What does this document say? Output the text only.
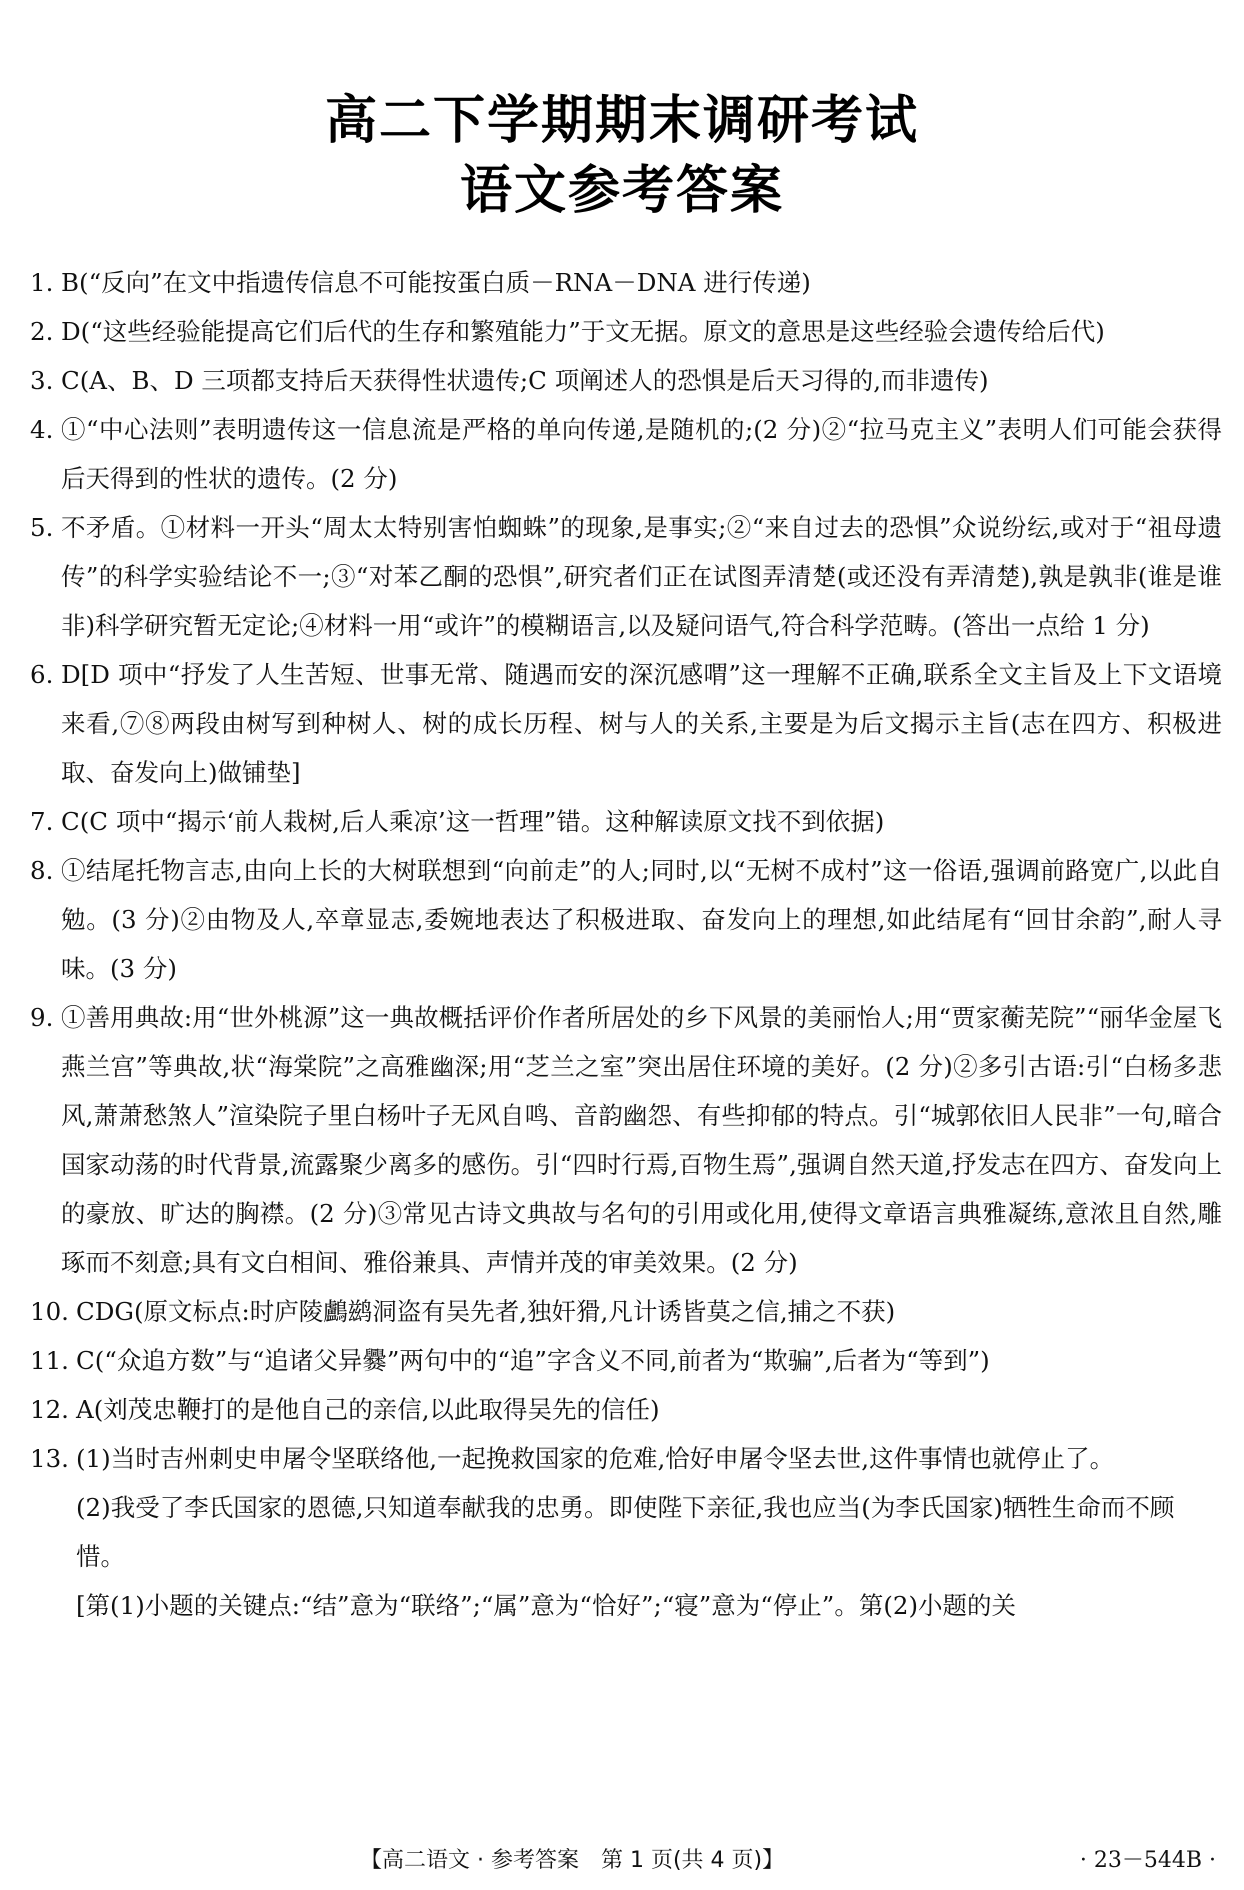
高二下学期期末调研考试
语文参考答案
1. B(“反向”在文中指遗传信息不可能按蛋白质－RNA－DNA 进行传递)
2. D(“这些经验能提高它们后代的生存和繁殖能力”于文无据。原文的意思是这些经验会遗传给后代)
3. C(A、B、D 三项都支持后天获得性状遗传;C 项阐述人的恐惧是后天习得的,而非遗传)
4. ①“中心法则”表明遗传这一信息流是严格的单向传递,是随机的;(2 分)②“拉马克主义”表明人们可能会获得后天得到的性状的遗传。(2 分)
5. 不矛盾。①材料一开头“周太太特别害怕蜘蛛”的现象,是事实;②“来自过去的恐惧”众说纷纭,或对于“祖母遗传”的科学实验结论不一;③“对苯乙酮的恐惧”,研究者们正在试图弄清楚(或还没有弄清楚),孰是孰非(谁是谁非)科学研究暂无定论;④材料一用“或许”的模糊语言,以及疑问语气,符合科学范畴。(答出一点给 1 分)
6. D[D 项中“抒发了人生苦短、世事无常、随遇而安的深沉感喟”这一理解不正确,联系全文主旨及上下文语境来看,⑦⑧两段由树写到种树人、树的成长历程、树与人的关系,主要是为后文揭示主旨(志在四方、积极进取、奋发向上)做铺垫]
7. C(C 项中“揭示‘前人栽树,后人乘凉’这一哲理”错。这种解读原文找不到依据)
8. ①结尾托物言志,由向上长的大树联想到“向前走”的人;同时,以“无树不成村”这一俗语,强调前路宽广,以此自勉。(3 分)②由物及人,卒章显志,委婉地表达了积极进取、奋发向上的理想,如此结尾有“回甘余韵”,耐人寻味。(3 分)
9. ①善用典故:用“世外桃源”这一典故概括评价作者所居处的乡下风景的美丽怡人;用“贾家蘅芜院”“丽华金屋飞燕兰宫”等典故,状“海棠院”之高雅幽深;用“芝兰之室”突出居住环境的美好。(2 分)②多引古语:引“白杨多悲风,萧萧愁煞人”渲染院子里白杨叶子无风自鸣、音韵幽怨、有些抑郁的特点。引“城郭依旧人民非”一句,暗合国家动荡的时代背景,流露聚少离多的感伤。引“四时行焉,百物生焉”,强调自然天道,抒发志在四方、奋发向上的豪放、旷达的胸襟。(2 分)③常见古诗文典故与名句的引用或化用,使得文章语言典雅凝练,意浓且自然,雕琢而不刻意;具有文白相间、雅俗兼具、声情并茂的审美效果。(2 分)
10. CDG(原文标点:时庐陵鸕鹚洞盗有吴先者,独奸猾,凡计诱皆莫之信,捕之不获)
11. C(“众追方数”与“追诸父异爨”两句中的“追”字含义不同,前者为“欺骗”,后者为“等到”)
12. A(刘茂忠鞭打的是他自己的亲信,以此取得吴先的信任)
13. (1)当时吉州刺史申屠令坚联络他,一起挽救国家的危难,恰好申屠令坚去世,这件事情也就停止了。
(2)我受了李氏国家的恩德,只知道奉献我的忠勇。即使陛下亲征,我也应当(为李氏国家)牺牲生命而不顾惜。
[第(1)小题的关键点:“结”意为“联络”;“属”意为“恰好”;“寝”意为“停止”。第(2)小题的关
【高二语文 · 参考答案　第 1 页(共 4 页)】	· 23－544B ·
